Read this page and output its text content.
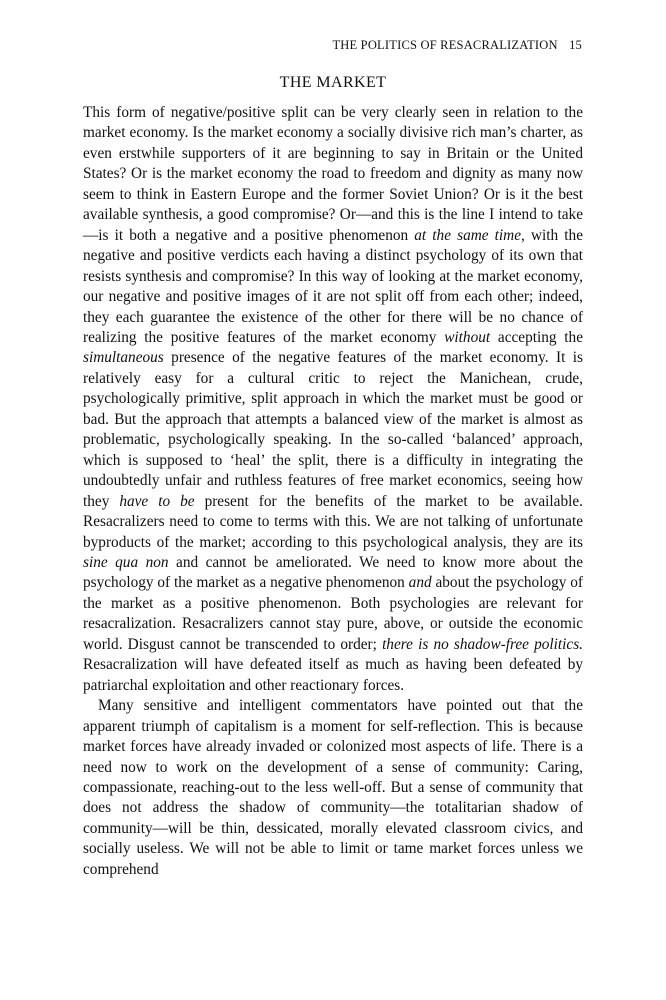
THE POLITICS OF RESACRALIZATION 15
THE MARKET

This form of negative/positive split can be very clearly seen in relation to the market economy. Is the market economy a socially divisive rich man’s charter, as even erstwhile supporters of it are beginning to say in Britain or the United States? Or is the market economy the road to freedom and dignity as many now seem to think in Eastern Europe and the former Soviet Union? Or is it the best available synthesis, a good compromise? Or—and this is the line I intend to take—is it both a negative and a positive phenomenon at the same time, with the negative and positive verdicts each having a distinct psychology of its own that resists synthesis and compromise? In this way of looking at the market economy, our negative and positive images of it are not split off from each other; indeed, they each guarantee the existence of the other for there will be no chance of realizing the positive features of the market economy without accepting the simultaneous presence of the negative features of the market economy. It is relatively easy for a cultural critic to reject the Manichean, crude, psychologically primitive, split approach in which the market must be good or bad. But the approach that attempts a balanced view of the market is almost as problematic, psychologically speaking. In the so-called ‘balanced’ approach, which is supposed to ‘heal’ the split, there is a difficulty in integrating the undoubtedly unfair and ruthless features of free market economics, seeing how they have to be present for the benefits of the market to be available. Resacralizers need to come to terms with this. We are not talking of unfortunate byproducts of the market; according to this psychological analysis, they are its sine qua non and cannot be ameliorated. We need to know more about the psychology of the market as a negative phenomenon and about the psychology of the market as a positive phenomenon. Both psychologies are relevant for resacralization. Resacralizers cannot stay pure, above, or outside the economic world. Disgust cannot be transcended to order; there is no shadow-free politics. Resacralization will have defeated itself as much as having been defeated by patriarchal exploitation and other reactionary forces.

Many sensitive and intelligent commentators have pointed out that the apparent triumph of capitalism is a moment for self-reflection. This is because market forces have already invaded or colonized most aspects of life. There is a need now to work on the development of a sense of community: Caring, compassionate, reaching-out to the less well-off. But a sense of community that does not address the shadow of community—the totalitarian shadow of community—will be thin, dessicated, morally elevated classroom civics, and socially useless. We will not be able to limit or tame market forces unless we comprehend
